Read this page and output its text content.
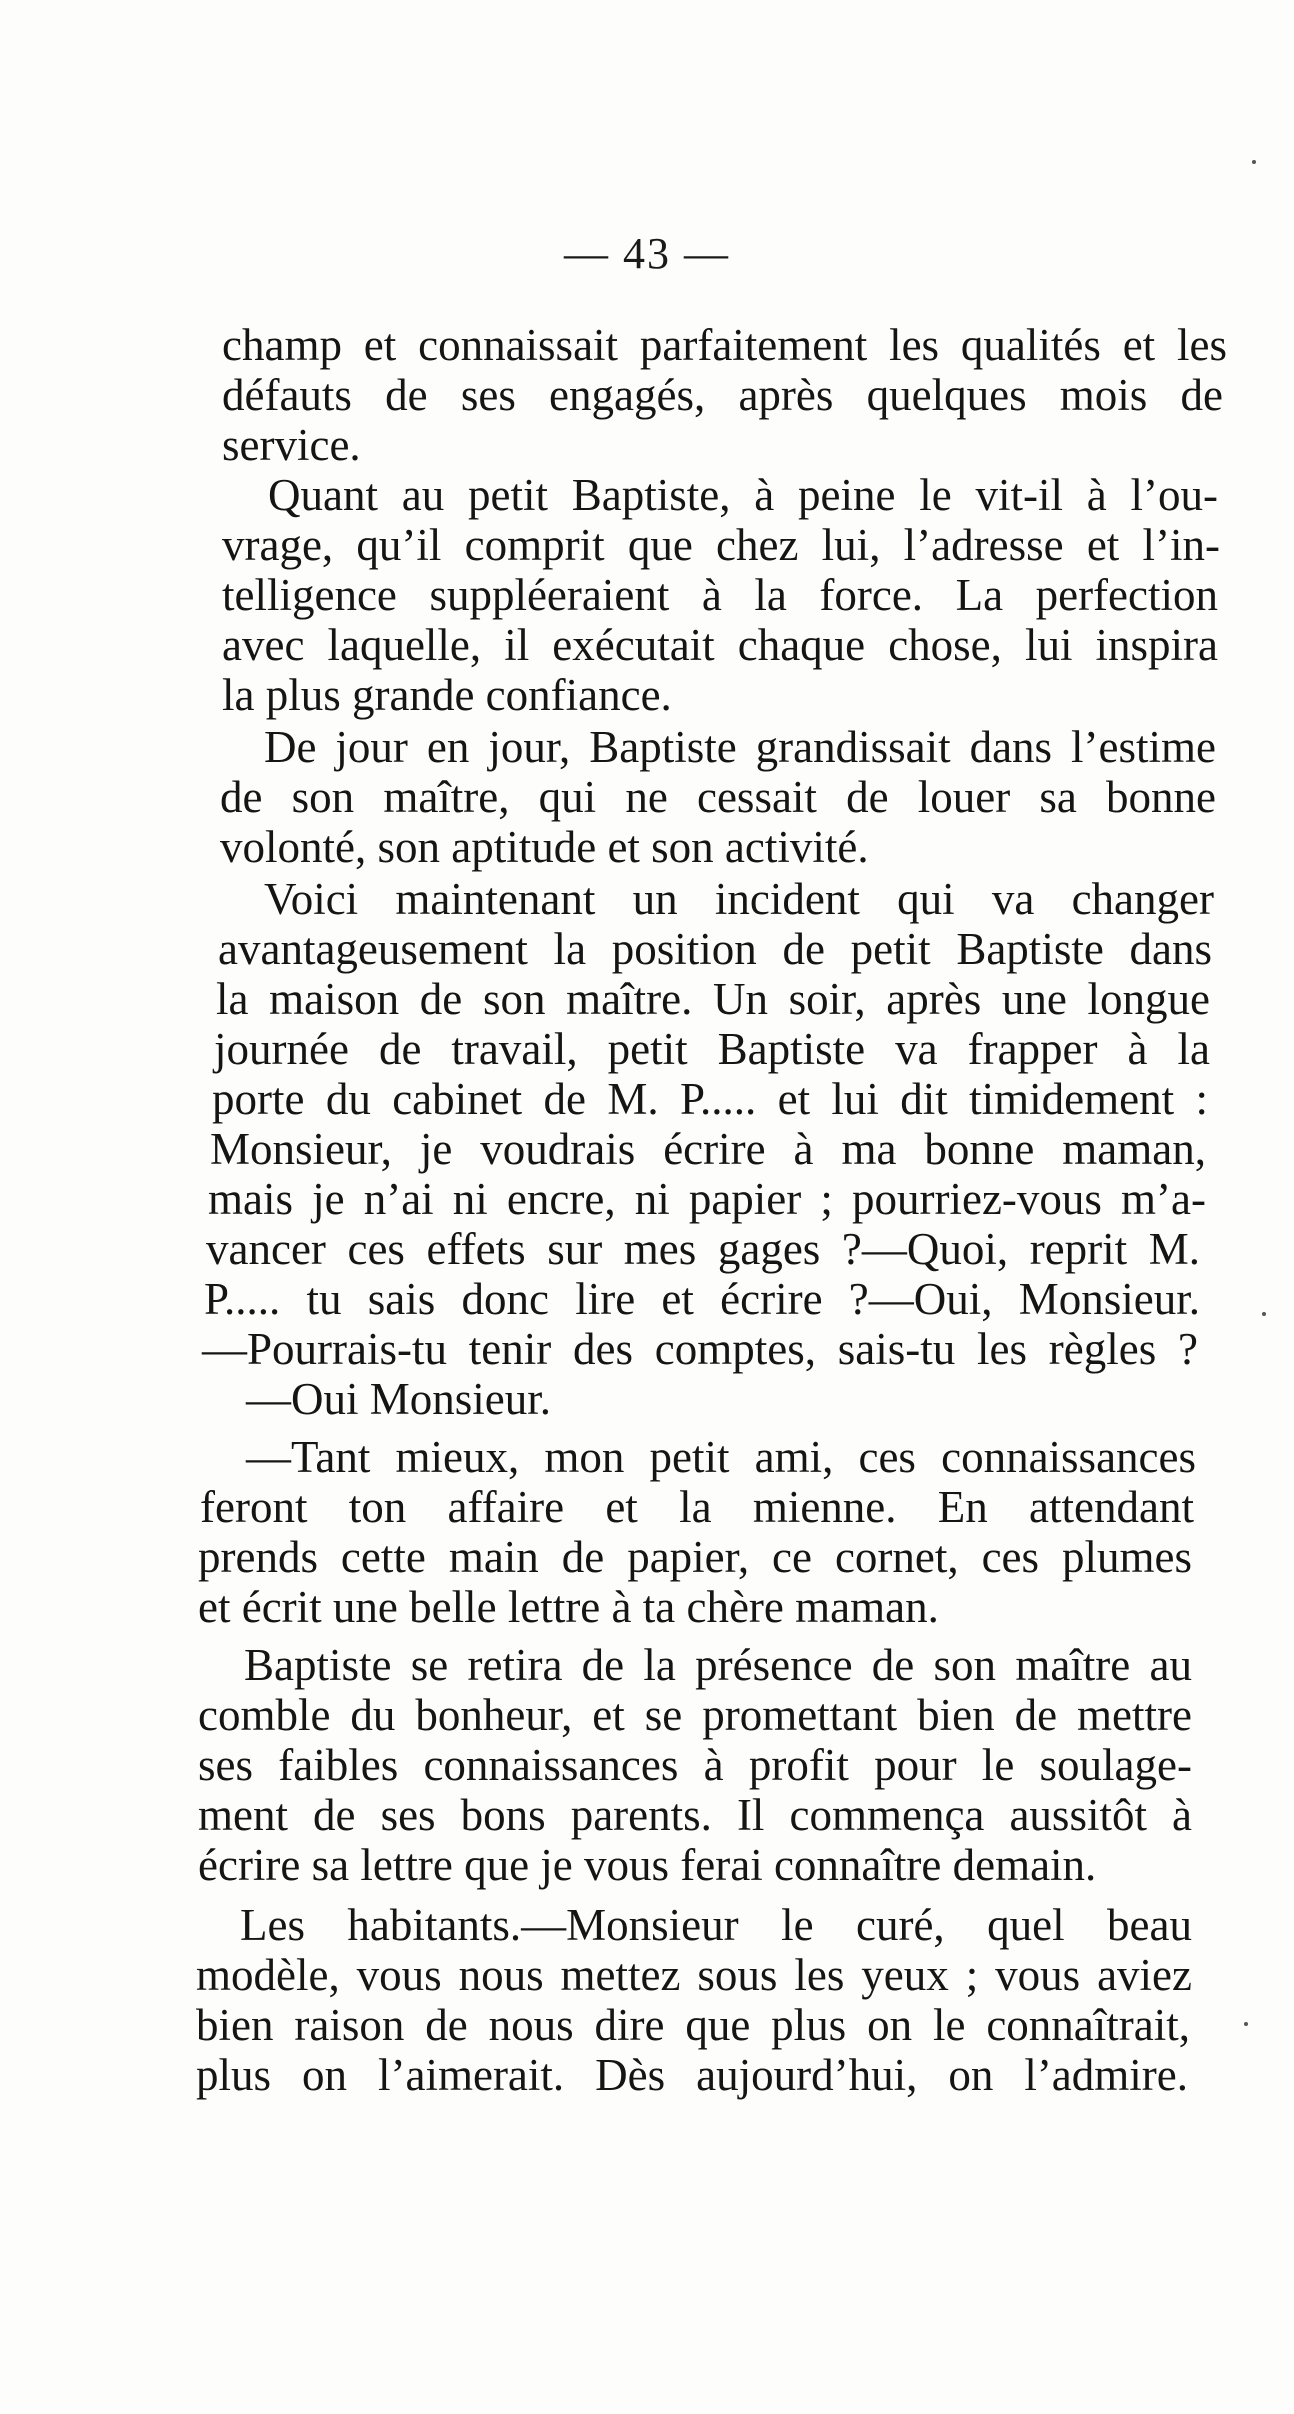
— 43 —
champ et connaissait parfaitement les qualités et les
défauts de ses engagés, après quelques mois de
service.
Quant au petit Baptiste, à peine le vit-il à l’ou-
vrage, qu’il comprit que chez lui, l’adresse et l’in-
telligence suppléeraient à la force. La perfection
avec laquelle, il exécutait chaque chose, lui inspira
la plus grande confiance.
De jour en jour, Baptiste grandissait dans l’estime
de son maître, qui ne cessait de louer sa bonne
volonté, son aptitude et son activité.
Voici maintenant un incident qui va changer
avantageusement la position de petit Baptiste dans
la maison de son maître. Un soir, après une longue
journée de travail, petit Baptiste va frapper à la
porte du cabinet de M. P..... et lui dit timidement :
Monsieur, je voudrais écrire à ma bonne maman,
mais je n’ai ni encre, ni papier ; pourriez-vous m’a-
vancer ces effets sur mes gages ?—Quoi, reprit M.
P..... tu sais donc lire et écrire ?—Oui, Monsieur.
—Pourrais-tu tenir des comptes, sais-tu les règles ?
—Oui Monsieur.
—Tant mieux, mon petit ami, ces connaissances
feront ton affaire et la mienne. En attendant
prends cette main de papier, ce cornet, ces plumes
et écrit une belle lettre à ta chère maman.
Baptiste se retira de la présence de son maître au
comble du bonheur, et se promettant bien de mettre
ses faibles connaissances à profit pour le soulage-
ment de ses bons parents. Il commença aussitôt à
écrire sa lettre que je vous ferai connaître demain.
Les habitants.—Monsieur le curé, quel beau
modèle, vous nous mettez sous les yeux ; vous aviez
bien raison de nous dire que plus on le connaîtrait,
plus on l’aimerait. Dès aujourd’hui, on l’admire.
